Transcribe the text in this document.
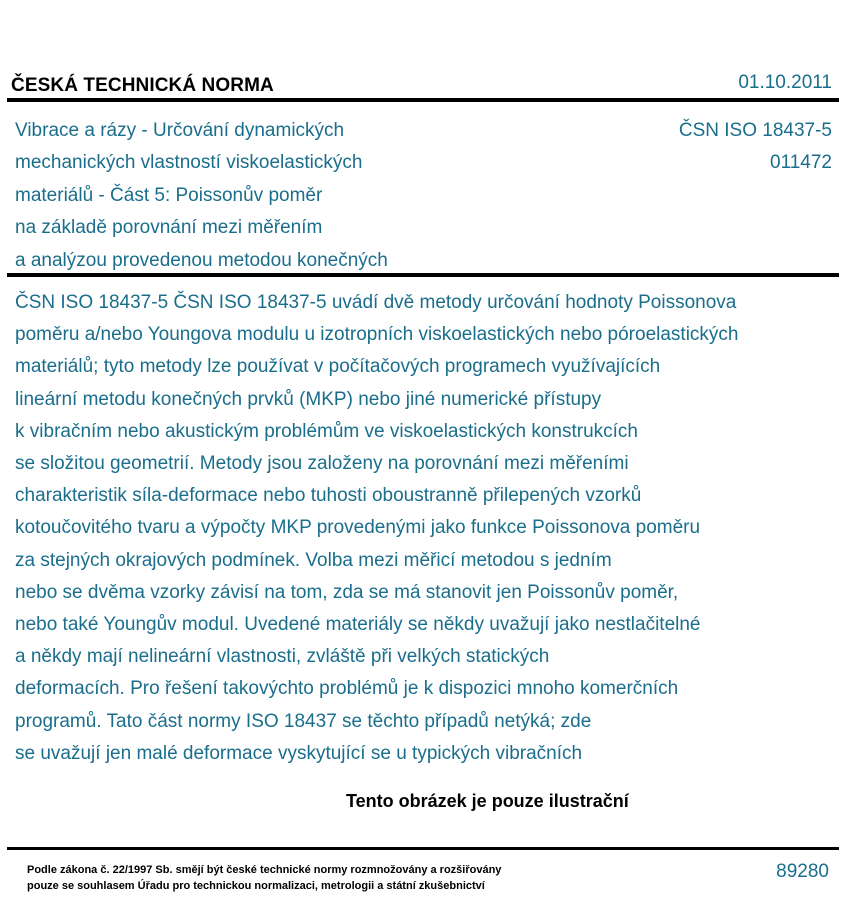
ČESKÁ TECHNICKÁ NORMA	01.10.2011
Vibrace a rázy - Určování dynamických
mechanických vlastností viskoelastických
materiálů - Část 5: Poissonův poměr
na základě porovnání mezi měřením
a analýzou provedenou metodou konečných
ČSN ISO 18437-5
011472
ČSN ISO 18437-5 ČSN ISO 18437-5 uvádí dvě metody určování hodnoty Poissonova
poměru a/nebo Youngova modulu u izotropních viskoelastických nebo póroelastických
materiálů; tyto metody lze používat v počítačových programech využívajících
lineární metodu konečných prvků (MKP) nebo jiné numerické přístupy
k vibračním nebo akustickým problémům ve viskoelastických konstrukcích
se složitou geometrií. Metody jsou založeny na porovnání mezi měřeními
charakteristik síla-deformace nebo tuhosti oboustranně přilepených vzorků
kotoučovitého tvaru a výpočty MKP provedenými jako funkce Poissonova poměru
za stejných okrajových podmínek. Volba mezi měřicí metodou s jedním
nebo se dvěma vzorky závisí na tom, zda se má stanovit jen Poissonův poměr,
nebo také Youngův modul. Uvedené materiály se někdy uvažují jako nestlačitelné
a někdy mají nelineární vlastnosti, zvláště při velkých statických
deformacích. Pro řešení takovýchto problémů je k dispozici mnoho komerčních
programů. Tato část normy ISO 18437 se těchto případů netýká; zde
se uvažují jen malé deformace vyskytující se u typických vibračních
Tento obrázek je pouze ilustrační
Podle zákona č. 22/1997 Sb. smějí být české technické normy rozmnožovány a rozšiřovány
pouze se souhlasem Úřadu pro technickou normalizaci, metrologii a státní zkušebnictví
89280
